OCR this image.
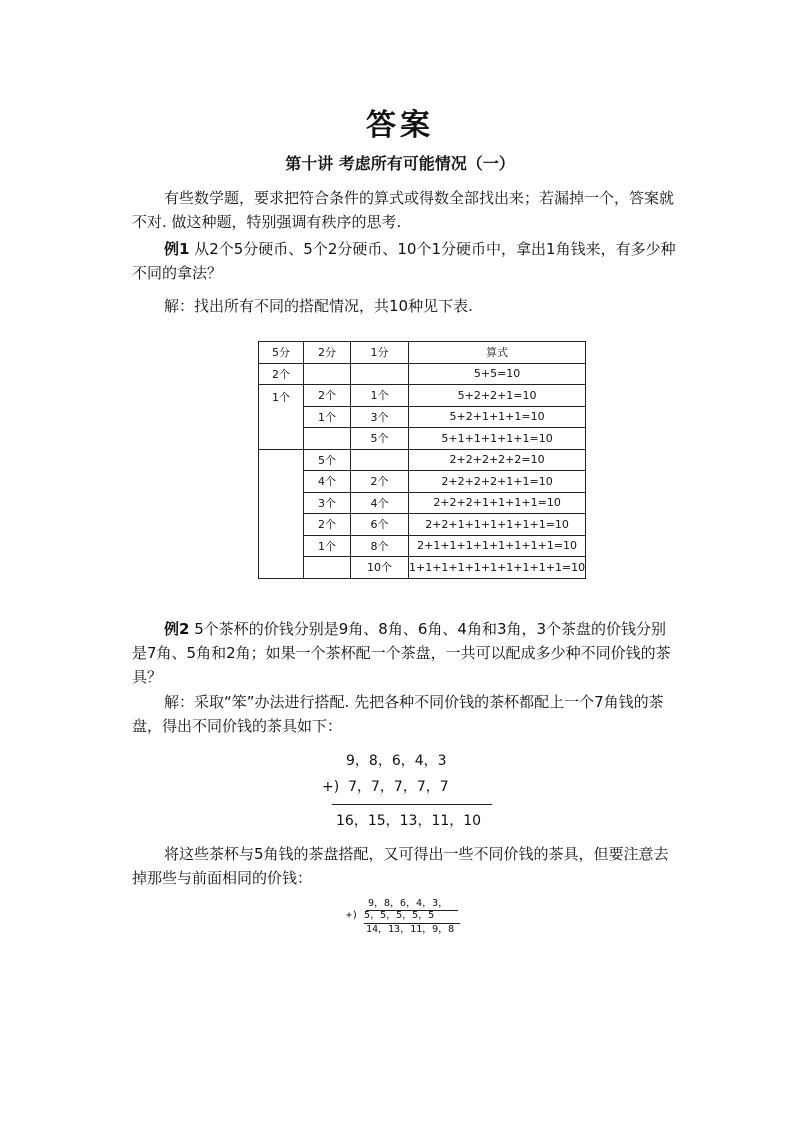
答案
第十讲 考虑所有可能情况（一）

有些数学题，要求把符合条件的算式或得数全部找出来；若漏掉一个，答案就不对. 做这种题，特别强调有秩序的思考.

例1 从2个5分硬币、5个2分硬币、10个1分硬币中，拿出1角钱来，有多少种不同的拿法？

解：找出所有不同的搭配情况，共10种见下表.

5分	2分	1分	算式
2个			5+5=10
1个	2个	1个	5+2+2+1=10
	1个	3个	5+2+1+1+1=10
		5个	5+1+1+1+1+1=10
	5个		2+2+2+2+2=10
	4个	2个	2+2+2+2+1+1=10
	3个	4个	2+2+2+1+1+1+1=10
	2个	6个	2+2+1+1+1+1+1+1=10
	1个	8个	2+1+1+1+1+1+1+1+1=10
		10个	1+1+1+1+1+1+1+1+1+1=10

例2 5个茶杯的价钱分别是9角、8角、6角、4角和3角，3个茶盘的价钱分别是7角、5角和2角；如果一个茶杯配一个茶盘，一共可以配成多少种不同价钱的茶具？

解：采取“笨”办法进行搭配. 先把各种不同价钱的茶杯都配上一个7角钱的茶盘，得出不同价钱的茶具如下：

9，8，6，4，3
+)  7，7，7，7，7
16，15，13，11，10

将这些茶杯与5角钱的茶盘搭配，又可得出一些不同价钱的茶具，但要注意去掉那些与前面相同的价钱：

9，8，6，4，3，
+) 5，5，5，5，5
14，13，11，9，8
